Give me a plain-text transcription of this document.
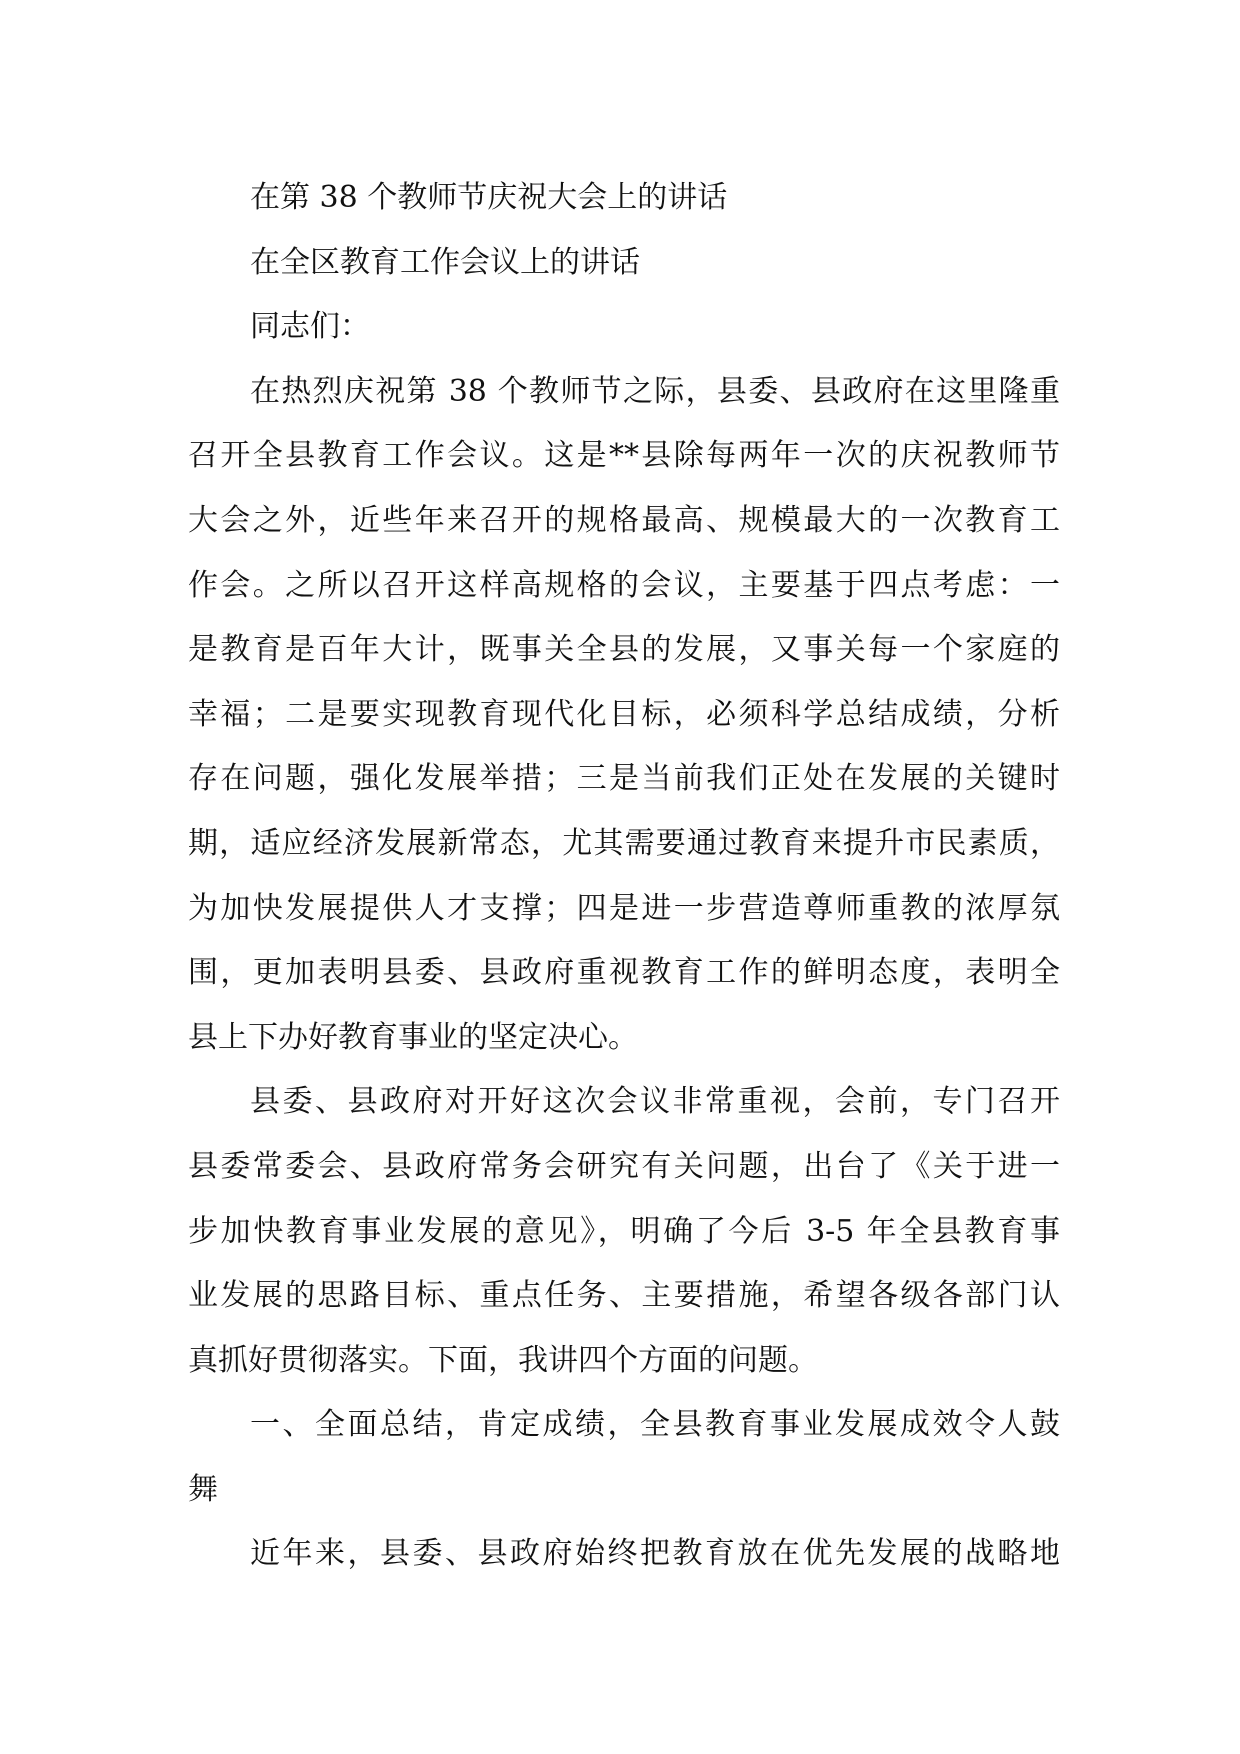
在第 38 个教师节庆祝大会上的讲话

在全区教育工作会议上的讲话

同志们：

在热烈庆祝第 38 个教师节之际，县委、县政府在这里隆重

召开全县教育工作会议。这是**县除每两年一次的庆祝教师节

大会之外，近些年来召开的规格最高、规模最大的一次教育工

作会。之所以召开这样高规格的会议，主要基于四点考虑：一

是教育是百年大计，既事关全县的发展，又事关每一个家庭的

幸福；二是要实现教育现代化目标，必须科学总结成绩，分析

存在问题，强化发展举措；三是当前我们正处在发展的关键时

期，适应经济发展新常态，尤其需要通过教育来提升市民素质，

为加快发展提供人才支撑；四是进一步营造尊师重教的浓厚氛

围，更加表明县委、县政府重视教育工作的鲜明态度，表明全

县上下办好教育事业的坚定决心。

县委、县政府对开好这次会议非常重视，会前，专门召开

县委常委会、县政府常务会研究有关问题，出台了《关于进一

步加快教育事业发展的意见》，明确了今后 3-5 年全县教育事

业发展的思路目标、重点任务、主要措施，希望各级各部门认

真抓好贯彻落实。下面，我讲四个方面的问题。

一、全面总结，肯定成绩，全县教育事业发展成效令人鼓

舞

近年来，县委、县政府始终把教育放在优先发展的战略地
